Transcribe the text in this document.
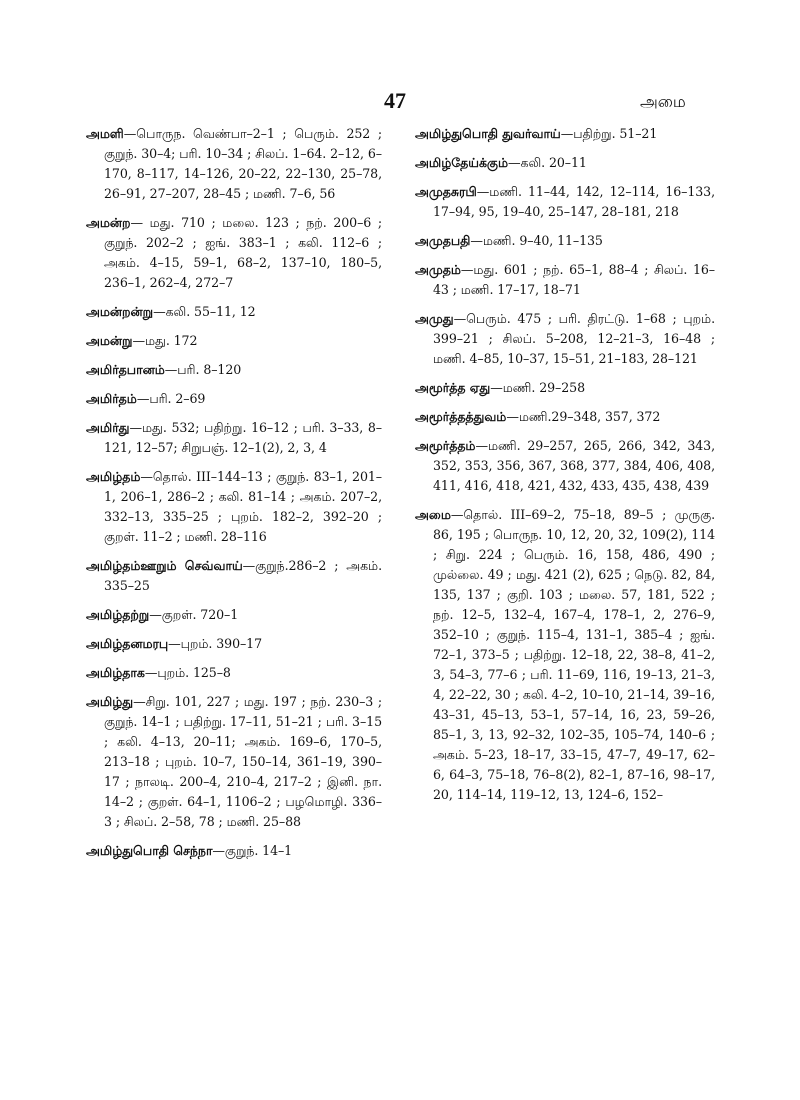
47	அமை

அமளி—பொருந. வெண்பா–2–1 ; பெரும். 252 ; குறுந். 30–4; பரி. 10–34 ; சிலப். 1–64. 2–12, 6–170, 8–117, 14–126, 20–22, 22–130, 25–78, 26–91, 27–207, 28–45 ; மணி. 7–6, 56

அமன்ற— மது. 710 ; மலை. 123 ; நற். 200–6 ; குறுந். 202–2 ; ஐங். 383–1 ; கலி. 112–6 ; அகம். 4–15, 59–1, 68–2, 137–10, 180–5, 236–1, 262–4, 272–7

அமன்றன்று—கலி. 55–11, 12

அமன்று—மது. 172

அமிர்தபானம்—பரி. 8–120

அமிர்தம்—பரி. 2–69

அமிர்து—மது. 532; பதிற்று. 16–12 ; பரி. 3–33, 8–121, 12–57; சிறுபஞ். 12–1(2), 2, 3, 4

அமிழ்தம்—தொல். III–144–13 ; குறுந். 83–1, 201–1, 206–1, 286–2 ; கலி. 81–14 ; அகம். 207–2, 332–13, 335–25 ; புறம். 182–2, 392–20 ; குறள். 11–2 ; மணி. 28–116

அமிழ்தம்ஊறும் செவ்வாய்—குறுந்.286–2 ; அகம். 335–25

அமிழ்தற்று—குறள். 720–1

அமிழ்தனமரபு—புறம். 390–17

அமிழ்தாக—புறம். 125–8

அமிழ்து—சிறு. 101, 227 ; மது. 197 ; நற். 230–3 ; குறுந். 14–1 ; பதிற்று. 17–11, 51–21 ; பரி. 3–15 ; கலி. 4–13, 20–11; அகம். 169–6, 170–5, 213–18 ; புறம். 10–7, 150–14, 361–19, 390–17 ; நாலடி. 200–4, 210–4, 217–2 ; இனி. நா. 14–2 ; குறள். 64–1, 1106–2 ; பழமொழி. 336–3 ; சிலப். 2–58, 78 ; மணி. 25–88

அமிழ்துபொதி செந்நா—குறுந். 14–1

அமிழ்துபொதி துவர்வாய்—பதிற்று. 51–21

அமிழ்தேய்க்கும்—கலி. 20–11

அமுதசுரபி—மணி. 11–44, 142, 12–114, 16–133, 17–94, 95, 19–40, 25–147, 28–181, 218

அமுதபதி—மணி. 9–40, 11–135

அமுதம்—மது. 601 ; நற். 65–1, 88–4 ; சிலப். 16–43 ; மணி. 17–17, 18–71

அமுது—பெரும். 475 ; பரி. திரட்டு. 1–68 ; புறம். 399–21 ; சிலப். 5–208, 12–21–3, 16–48 ; மணி. 4–85, 10–37, 15–51, 21–183, 28–121

அமூர்த்த ஏது—மணி. 29–258

அமூர்த்தத்துவம்—மணி.29–348, 357, 372

அமூர்த்தம்—மணி. 29–257, 265, 266, 342, 343, 352, 353, 356, 367, 368, 377, 384, 406, 408, 411, 416, 418, 421, 432, 433, 435, 438, 439

அமை—தொல். III–69–2, 75–18, 89–5 ; முருகு. 86, 195 ; பொருந. 10, 12, 20, 32, 109(2), 114 ; சிறு. 224 ; பெரும். 16, 158, 486, 490 ; முல்லை. 49 ; மது. 421 (2), 625 ; நெடு. 82, 84, 135, 137 ; குறி. 103 ; மலை. 57, 181, 522 ; நற். 12–5, 132–4, 167–4, 178–1, 2, 276–9, 352–10 ; குறுந். 115–4, 131–1, 385–4 ; ஐங். 72–1, 373–5 ; பதிற்று. 12–18, 22, 38–8, 41–2, 3, 54–3, 77–6 ; பரி. 11–69, 116, 19–13, 21–3, 4, 22–22, 30 ; கலி. 4–2, 10–10, 21–14, 39–16, 43–31, 45–13, 53–1, 57–14, 16, 23, 59–26, 85–1, 3, 13, 92–32, 102–35, 105–74, 140–6 ; அகம். 5–23, 18–17, 33–15, 47–7, 49–17, 62–6, 64–3, 75–18, 76–8(2), 82–1, 87–16, 98–17, 20, 114–14, 119–12, 13, 124–6, 152–
